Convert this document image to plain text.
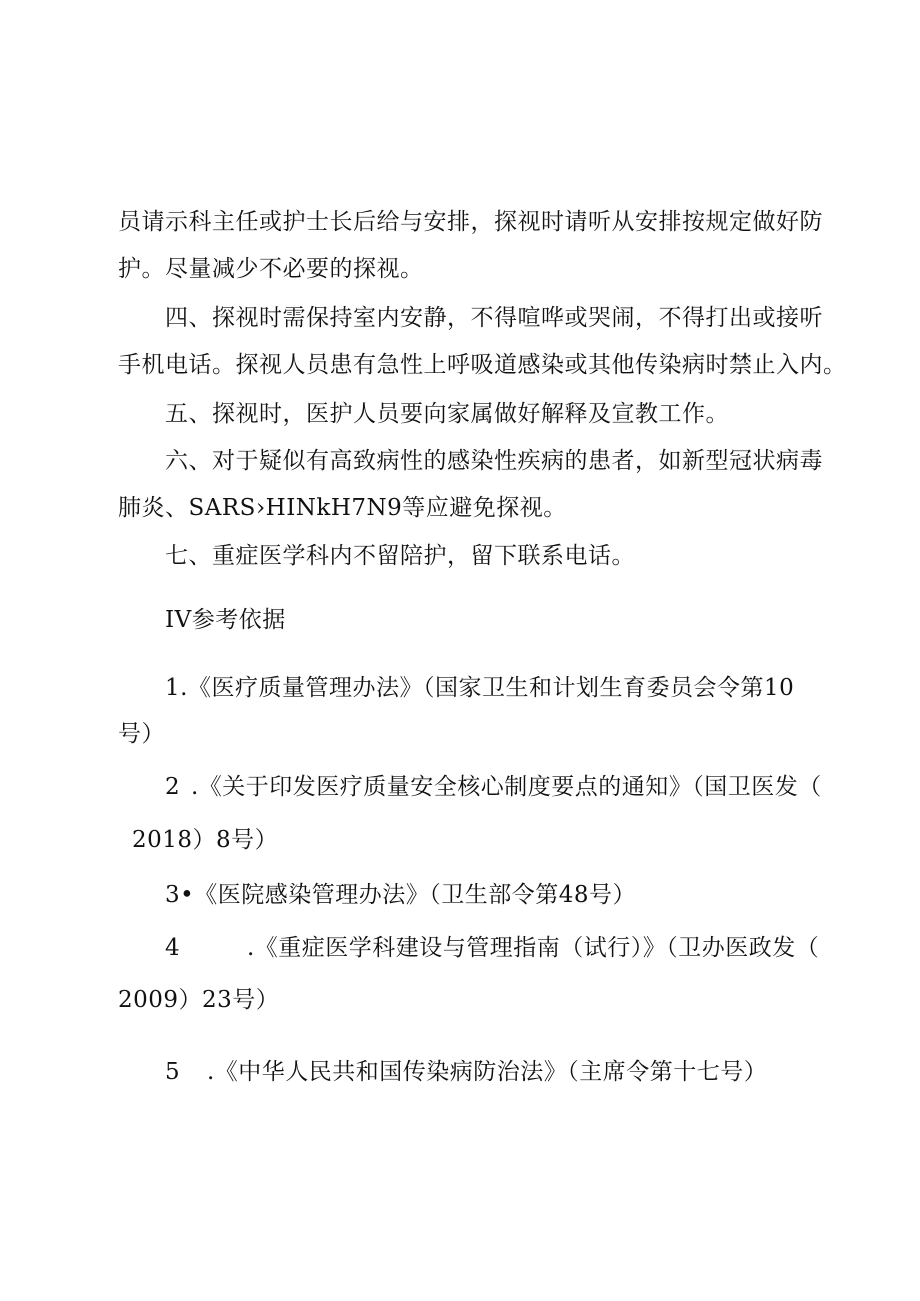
员请示科主任或护士长后给与安排，探视时请听从安排按规定做好防
护。尽量减少不必要的探视。
四、探视时需保持室内安静，不得喧哗或哭闹，不得打出或接听
手机电话。探视人员患有急性上呼吸道感染或其他传染病时禁止入内。
五、探视时，医护人员要向家属做好解释及宣教工作。
六、对于疑似有高致病性的感染性疾病的患者，如新型冠状病毒
肺炎、SARS›HINkH7N9等应避免探视。
七、重症医学科内不留陪护，留下联系电话。
IV参考依据
1.《医疗质量管理办法》（国家卫生和计划生育委员会令第10
号）
2 .《关于印发医疗质量安全核心制度要点的通知》（国卫医发（
2018）8号）
3•《医院感染管理办法》（卫生部令第48号）
4	.《重症医学科建设与管理指南（试行）》（卫办医政发（
2009）23号）
5 .《中华人民共和国传染病防治法》（主席令第十七号）
